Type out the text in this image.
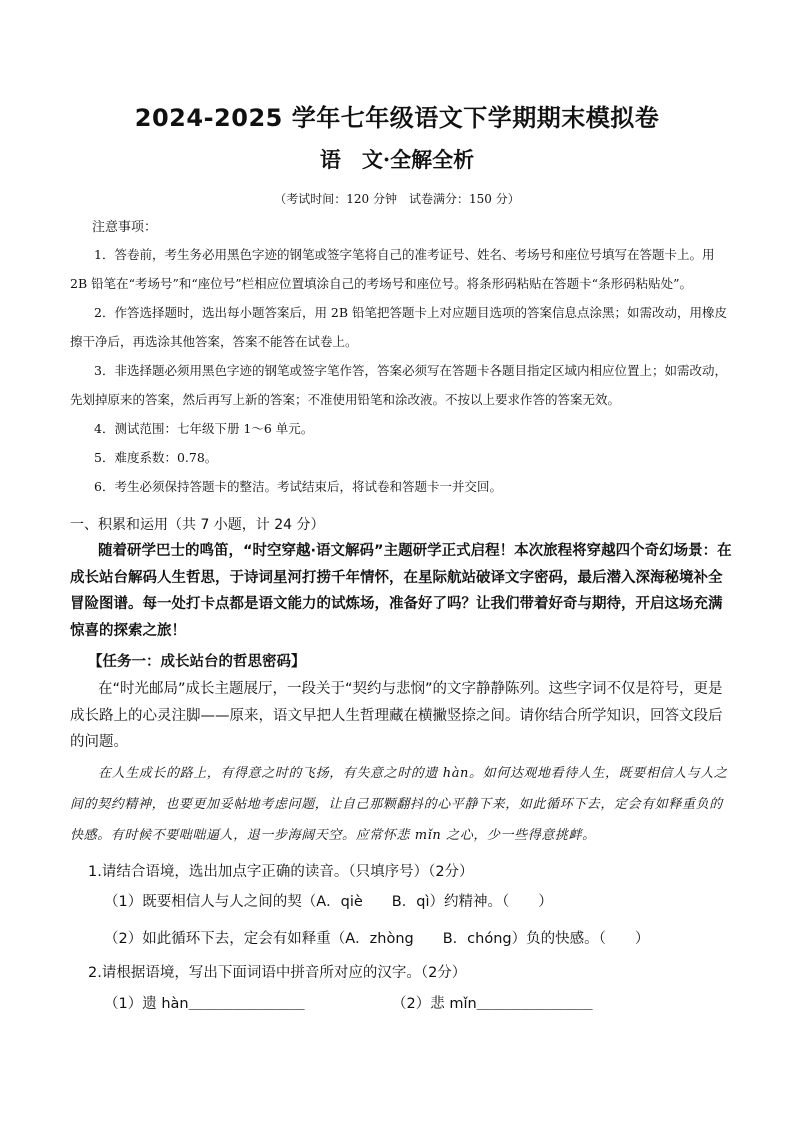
2024-2025 学年七年级语文下学期期末模拟卷
语　文·全解全析
（考试时间：120 分钟　试卷满分：150 分）
注意事项：

1．答卷前，考生务必用黑色字迹的钢笔或签字笔将自己的准考证号、姓名、考场号和座位号填写在答题卡上。用 2B 铅笔在“考场号”和“座位号”栏相应位置填涂自己的考场号和座位号。将条形码粘贴在答题卡“条形码粘贴处”。

2．作答选择题时，选出每小题答案后，用 2B 铅笔把答题卡上对应题目选项的答案信息点涂黑；如需改动，用橡皮擦干净后，再选涂其他答案，答案不能答在试卷上。

3．非选择题必须用黑色字迹的钢笔或签字笔作答，答案必须写在答题卡各题目指定区域内相应位置上；如需改动，先划掉原来的答案，然后再写上新的答案；不准使用铅笔和涂改液。不按以上要求作答的答案无效。

4．测试范围：七年级下册 1～6 单元。

5．难度系数：0.78。

6．考生必须保持答题卡的整洁。考试结束后，将试卷和答题卡一并交回。

一、积累和运用（共 7 小题，计 24 分）
随着研学巴士的鸣笛，“时空穿越·语文解码”主题研学正式启程！本次旅程将穿越四个奇幻场景：在成长站台解码人生哲思，于诗词星河打捞千年情怀，在星际航站破译文字密码，最后潜入深海秘境补全冒险图谱。每一处打卡点都是语文能力的试炼场，准备好了吗？让我们带着好奇与期待，开启这场充满惊喜的探索之旅！
【任务一：成长站台的哲思密码】
在“时光邮局”成长主题展厅，一段关于“契约与悲悯”的文字静静陈列。这些字词不仅是符号，更是成长路上的心灵注脚——原来，语文早把人生哲理藏在横撇竖捺之间。请你结合所学知识，回答文段后的问题。
在人生成长的路上，有得意之时的飞扬，有失意之时的遗 hàn。如何达观地看待人生，既要相信人与人之间的契约精神，也要更加妥帖地考虑问题，让自己那颗翻抖的心平静下来，如此循环下去，定会有如释重负的快感。有时候不要咄咄逼人，退一步海阔天空。应常怀悲 mǐn 之心，少一些得意挑衅。
1.请结合语境，选出加点字正确的读音。（只填序号）（2分）
（1）既要相信人与人之间的契（A．qiè　　B．qì）约精神。（　　）
（2）如此循环下去，定会有如释重（A．zhòng　　B．chóng）负的快感。（　　）
2.请根据语境，写出下面词语中拼音所对应的汉字。（2分）
（1）遗 hàn＿＿＿＿＿＿＿＿	（2）悲 mǐn＿＿＿＿＿＿＿＿
